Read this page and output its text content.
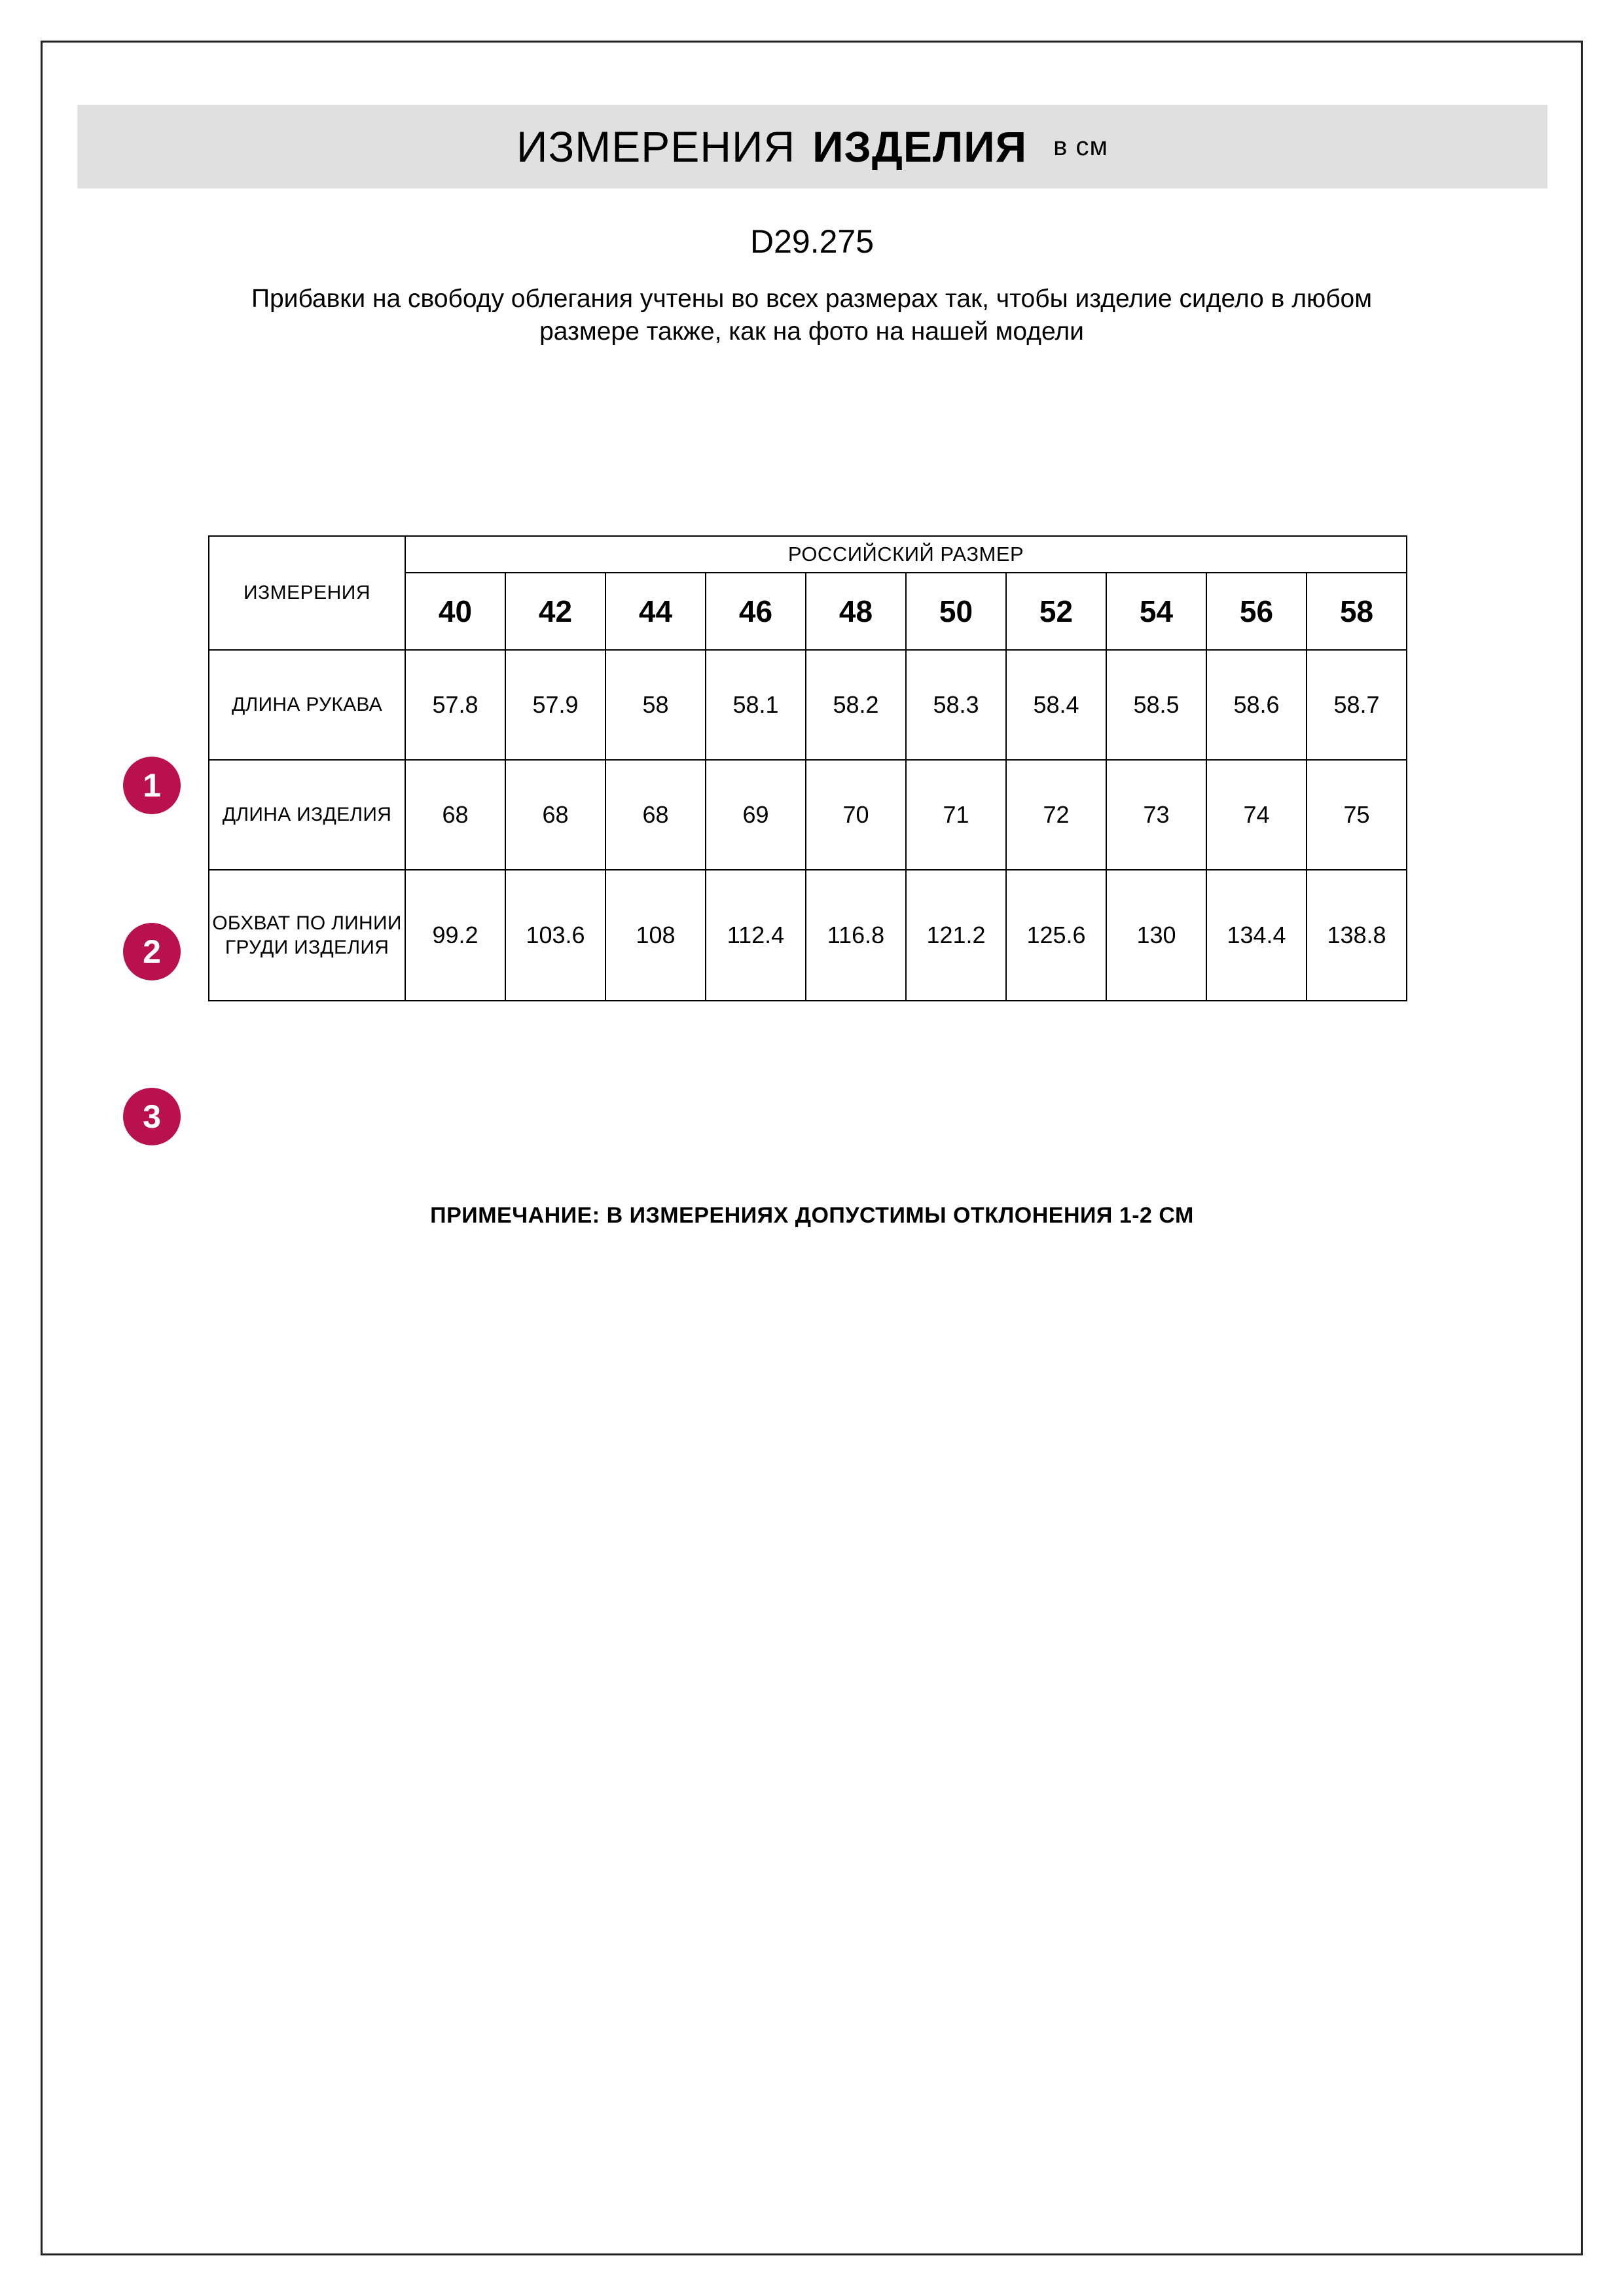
ИЗМЕРЕНИЯ ИЗДЕЛИЯ в см
D29.275
Прибавки на свободу облегания учтены во всех размерах так, чтобы изделие сидело в любом размере также, как на фото на нашей модели
1
2
3
ИЗМЕРЕНИЯ	РОССИЙСКИЙ РАЗМЕР									
	40	42	44	46	48	50	52	54	56	58
ДЛИНА РУКАВА	57.8	57.9	58	58.1	58.2	58.3	58.4	58.5	58.6	58.7
ДЛИНА ИЗДЕЛИЯ	68	68	68	69	70	71	72	73	74	75
ОБХВАТ ПО ЛИНИИ ГРУДИ ИЗДЕЛИЯ	99.2	103.6	108	112.4	116.8	121.2	125.6	130	134.4	138.8
ПРИМЕЧАНИЕ: В ИЗМЕРЕНИЯХ ДОПУСТИМЫ ОТКЛОНЕНИЯ 1-2 СМ
